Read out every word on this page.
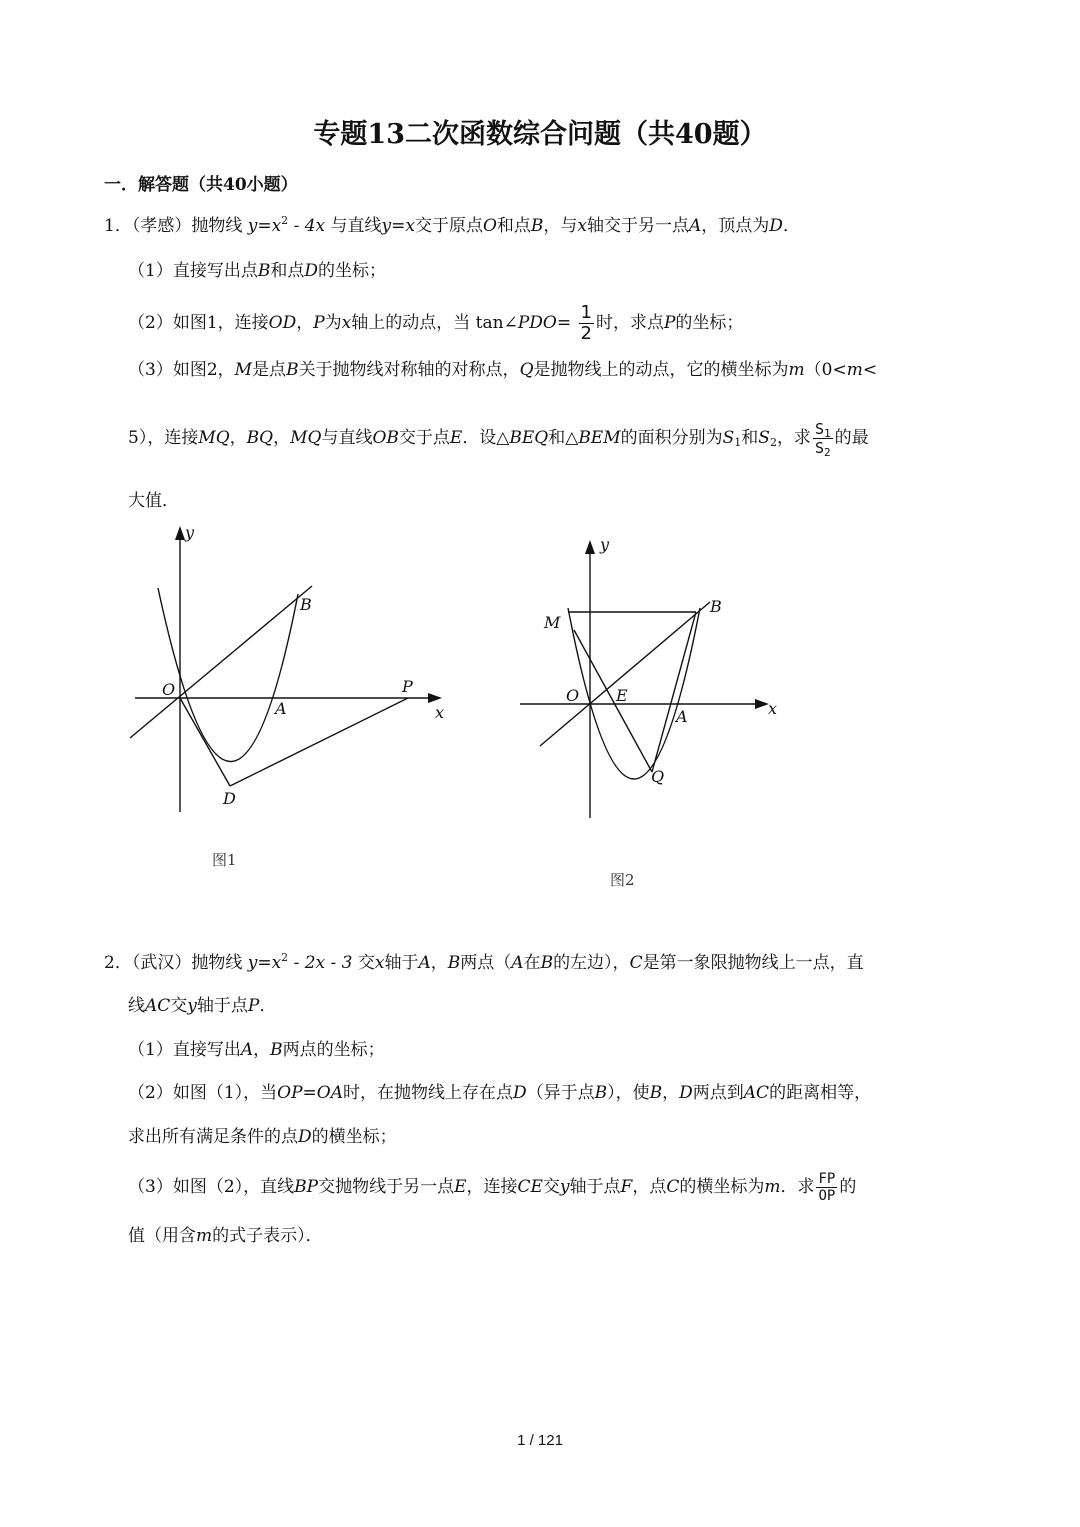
专题13二次函数综合问题（共40题）
一．解答题（共40小题）
1．（孝感）抛物线 $y=x^2 - 4x$ 与直线y=x交于原点O和点B，与x轴交于另一点A，顶点为D．
（1）直接写出点B和点D的坐标；
（2）如图1，连接OD，P为x轴上的动点，当 tan∠PDO= $\frac{1}{2}$ 时，求点P的坐标；
（3）如图2，M是点B关于抛物线对称轴的对称点，Q是抛物线上的动点，它的横坐标为m（0<m<
5），连接MQ，BQ，MQ与直线OB交于点E．设△BEQ和△BEM的面积分别为$S_1$和$S_2$，求 $\frac{S_1}{S_2}$ 的最
大值．
y
B
O
A
P
x
D
图1
y
B
M
O E
A	x
Q
图2
2．（武汉）抛物线 $y=x^2 - 2x - 3$ 交x轴于A，B两点（A在B的左边），C是第一象限抛物线上一点，直
线AC交y轴于点P．
（1）直接写出A，B两点的坐标；
（2）如图（1），当OP=OA时，在抛物线上存在点D（异于点B），使B，D两点到AC的距离相等，
求出所有满足条件的点D的横坐标；
（3）如图（2），直线BP交抛物线于另一点E，连接CE交y轴于点F，点C的横坐标为m．求 $\frac{FP}{OP}$ 的
值（用含m的式子表示）．
1 / 121
